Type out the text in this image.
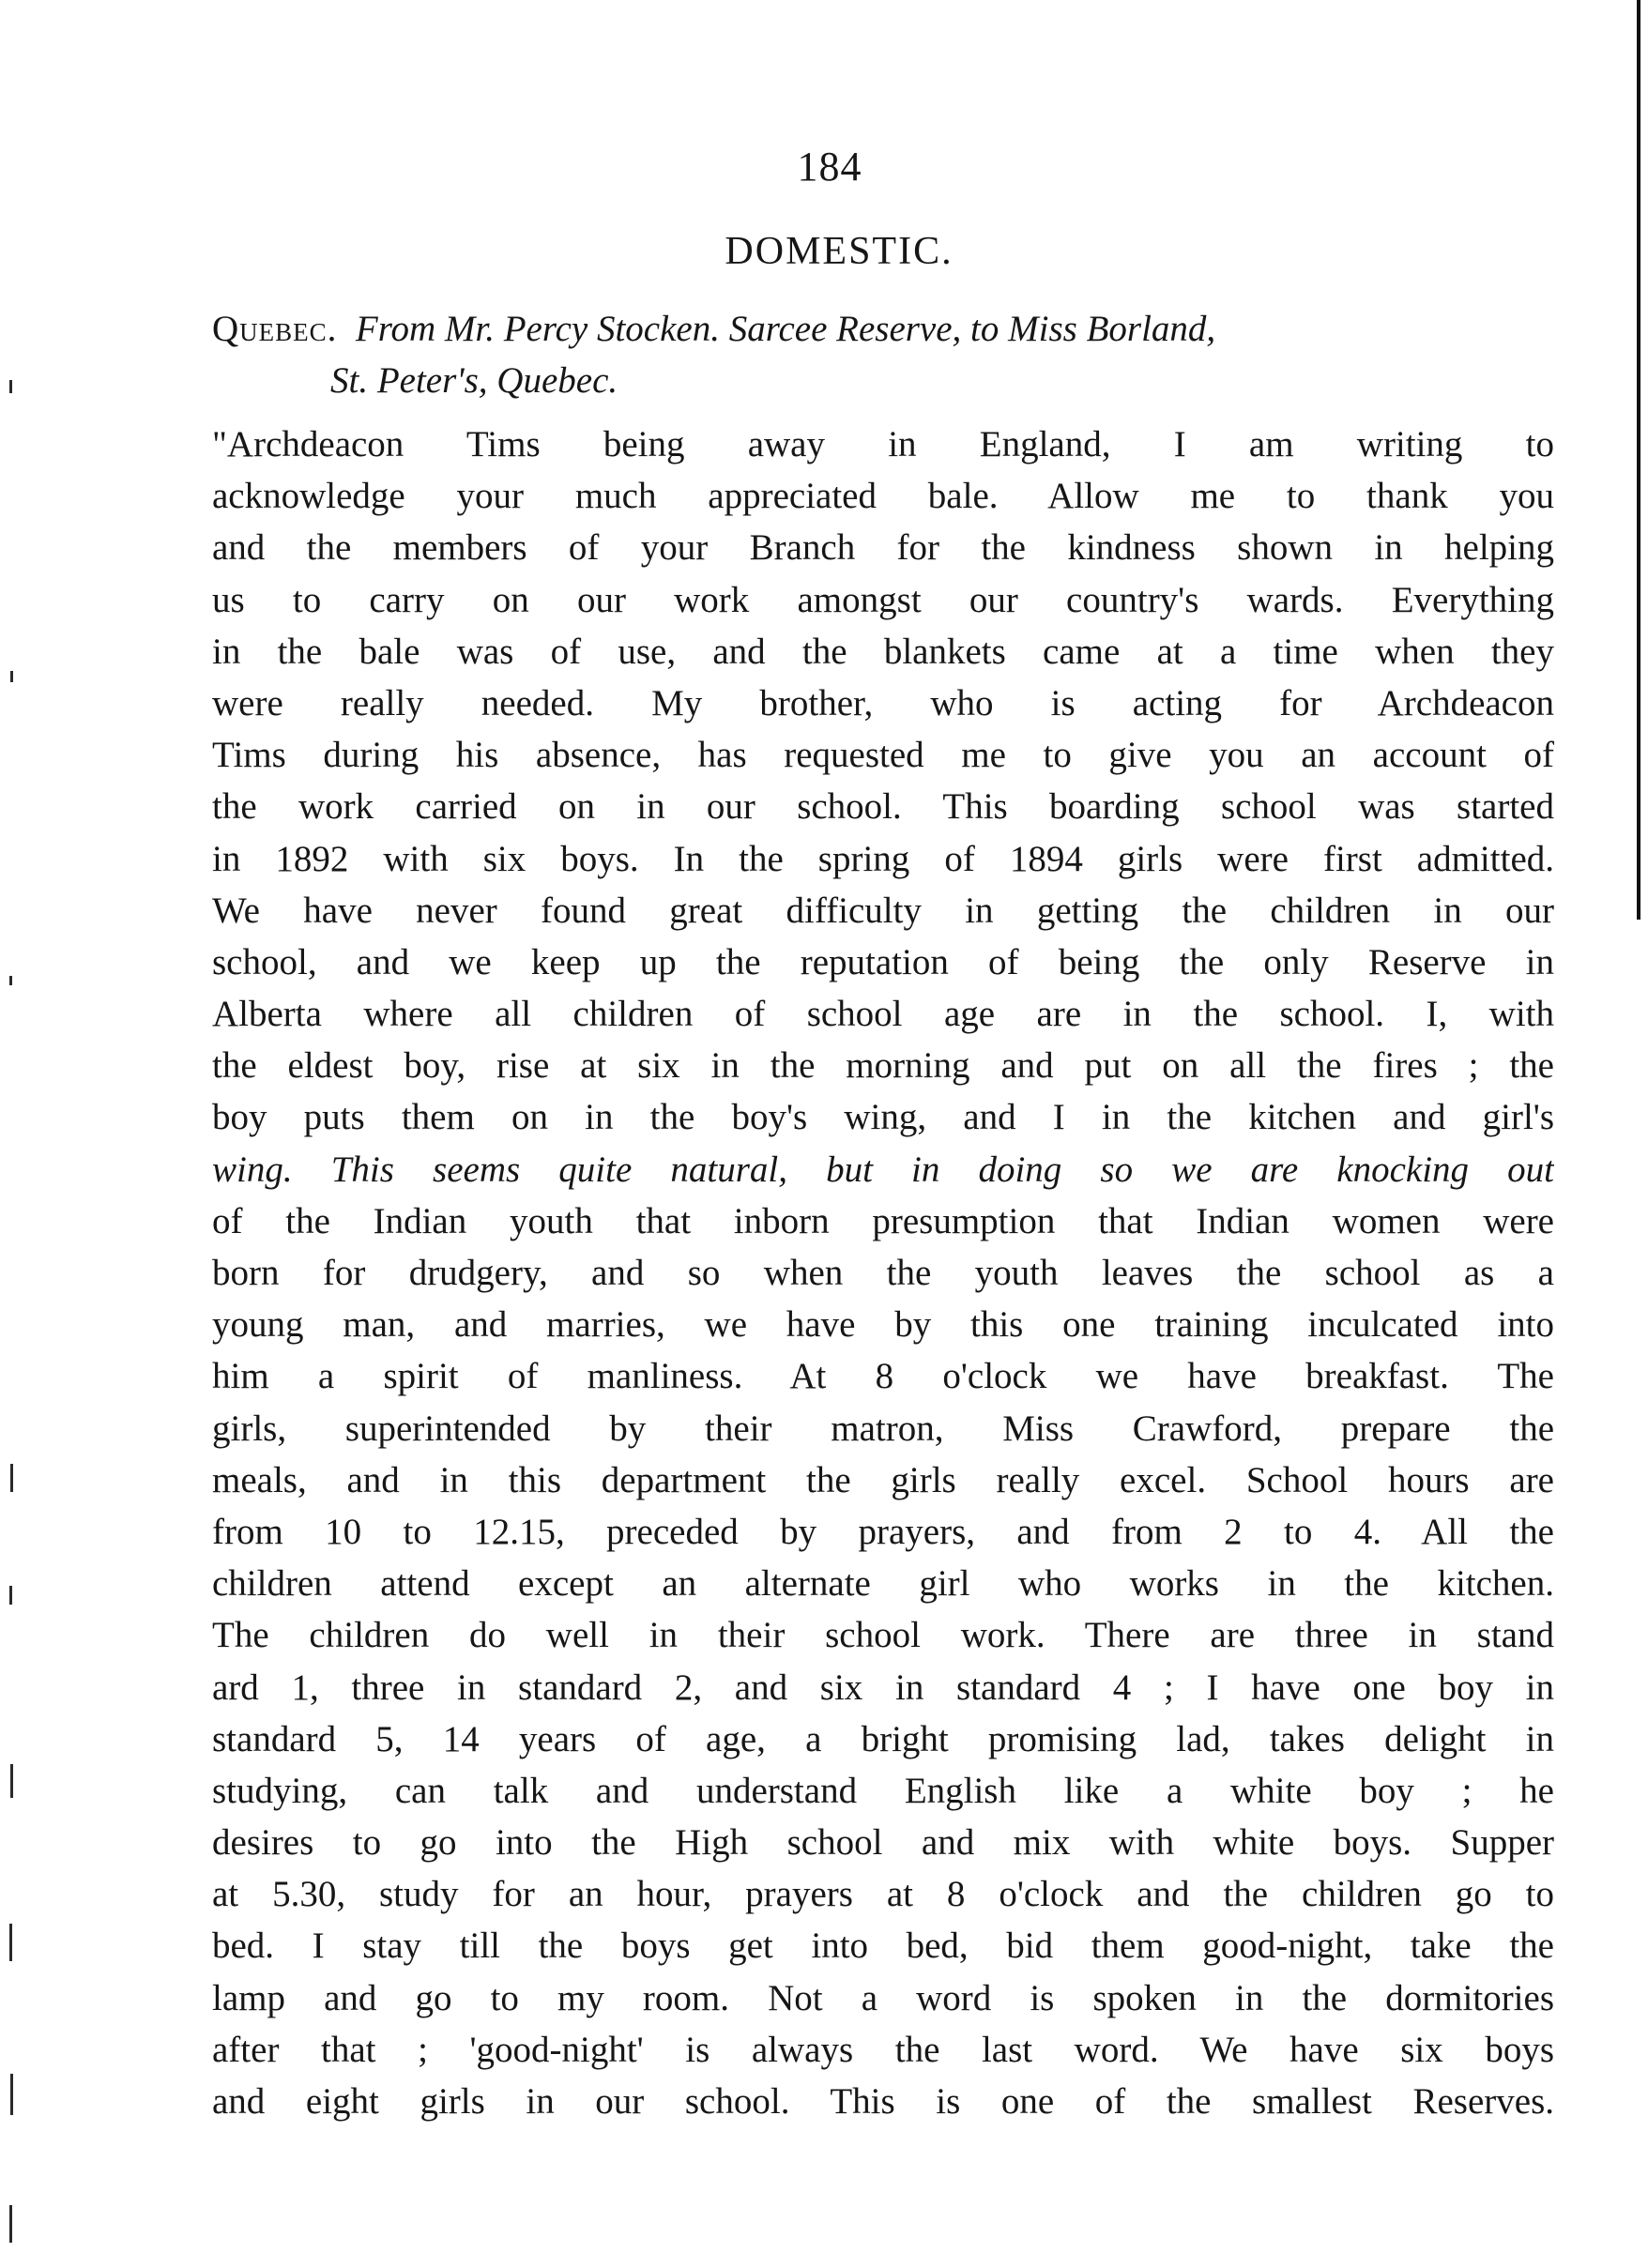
184
DOMESTIC.
Quebec. From Mr. Percy Stocken. Sarcee Reserve, to Miss Borland,
St. Peter's, Quebec.
"Archdeacon Tims being away in England, I am writing to
acknowledge your much appreciated bale. Allow me to thank you
and the members of your Branch for the kindness shown in helping
us to carry on our work amongst our country's wards. Everything
in the bale was of use, and the blankets came at a time when they
were really needed. My brother, who is acting for Archdeacon
Tims during his absence, has requested me to give you an account of
the work carried on in our school. This boarding school was started
in 1892 with six boys. In the spring of 1894 girls were first admitted.
We have never found great difficulty in getting the children in our
school, and we keep up the reputation of being the only Reserve in
Alberta where all children of school age are in the school. I, with
the eldest boy, rise at six in the morning and put on all the fires ; the
boy puts them on in the boy's wing, and I in the kitchen and girl's
wing. This seems quite natural, but in doing so we are knocking out
of the Indian youth that inborn presumption that Indian women were
born for drudgery, and so when the youth leaves the school as a
young man, and marries, we have by this one training inculcated into
him a spirit of manliness. At 8 o'clock we have breakfast. The
girls, superintended by their matron, Miss Crawford, prepare the
meals, and in this department the girls really excel. School hours are
from 10 to 12.15, preceded by prayers, and from 2 to 4. All the
children attend except an alternate girl who works in the kitchen.
The children do well in their school work. There are three in stand
ard 1, three in standard 2, and six in standard 4 ; I have one boy in
standard 5, 14 years of age, a bright promising lad, takes delight in
studying, can talk and understand English like a white boy ; he
desires to go into the High school and mix with white boys. Supper
at 5.30, study for an hour, prayers at 8 o'clock and the children go to
bed. I stay till the boys get into bed, bid them good-night, take the
lamp and go to my room. Not a word is spoken in the dormitories
after that ; 'good-night' is always the last word. We have six boys
and eight girls in our school. This is one of the smallest Reserves.
